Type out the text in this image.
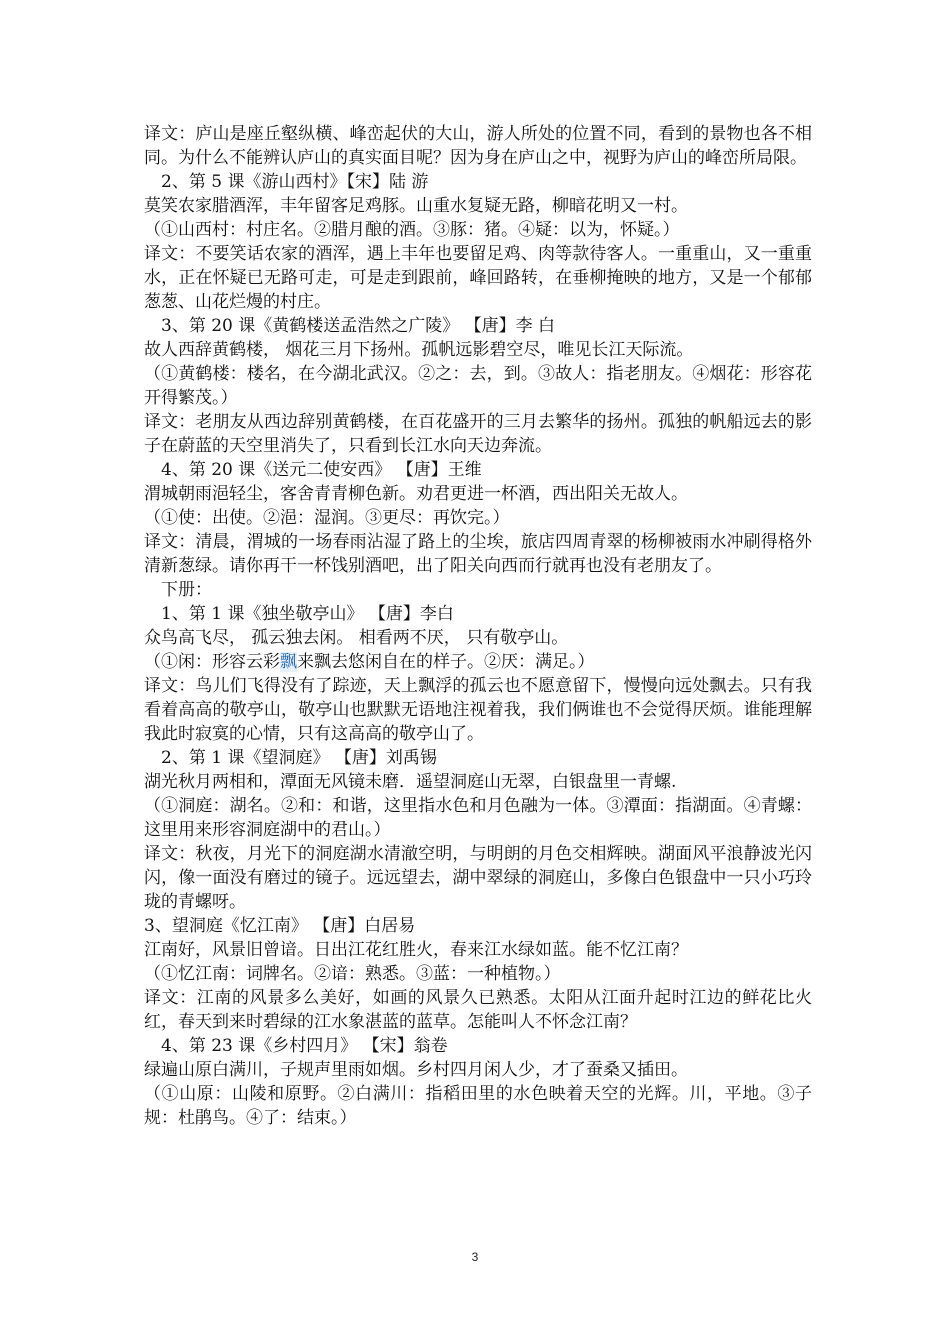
译文：庐山是座丘壑纵横、峰峦起伏的大山，游人所处的位置不同，看到的景物也各不相同。为什么不能辨认庐山的真实面目呢？因为身在庐山之中，视野为庐山的峰峦所局限。

2、第 5 课《游山西村》【宋】陆 游

莫笑农家腊酒浑，丰年留客足鸡豚。山重水复疑无路，柳暗花明又一村。

（①山西村：村庄名。②腊月酿的酒。③豚：猪。④疑：以为，怀疑。）

译文：不要笑话农家的酒浑，遇上丰年也要留足鸡、肉等款待客人。一重重山，又一重重水，正在怀疑已无路可走，可是走到跟前，峰回路转，在垂柳掩映的地方，又是一个郁郁葱葱、山花烂熳的村庄。

3、第 20 课《黄鹤楼送孟浩然之广陵》 【唐】李 白

故人西辞黄鹤楼， 烟花三月下扬州。孤帆远影碧空尽，唯见长江天际流。

（①黄鹤楼：楼名，在今湖北武汉。②之：去，到。③故人：指老朋友。④烟花：形容花开得繁茂。）

译文：老朋友从西边辞别黄鹤楼，在百花盛开的三月去繁华的扬州。孤独的帆船远去的影子在蔚蓝的天空里消失了，只看到长江水向天边奔流。

4、第 20 课《送元二使安西》 【唐】王维

渭城朝雨浥轻尘，客舍青青柳色新。劝君更进一杯酒，西出阳关无故人。

（①使：出使。②浥：湿润。③更尽：再饮完。）

译文：清晨，渭城的一场春雨沾湿了路上的尘埃，旅店四周青翠的杨柳被雨水冲刷得格外清新葱绿。请你再干一杯饯别酒吧，出了阳关向西而行就再也没有老朋友了。

下册：

1、第 1 课《独坐敬亭山》 【唐】李白

众鸟高飞尽， 孤云独去闲。 相看两不厌， 只有敬亭山。

（①闲：形容云彩飘来飘去悠闲自在的样子。②厌：满足。）

译文：鸟儿们飞得没有了踪迹，天上飘浮的孤云也不愿意留下，慢慢向远处飘去。只有我看着高高的敬亭山，敬亭山也默默无语地注视着我，我们俩谁也不会觉得厌烦。谁能理解我此时寂寞的心情，只有这高高的敬亭山了。

2、第 1 课《望洞庭》 【唐】刘禹锡

湖光秋月两相和，潭面无风镜未磨．遥望洞庭山无翠，白银盘里一青螺.

（①洞庭：湖名。②和：和谐，这里指水色和月色融为一体。③潭面：指湖面。④青螺：这里用来形容洞庭湖中的君山。）

译文：秋夜，月光下的洞庭湖水清澈空明，与明朗的月色交相辉映。湖面风平浪静波光闪闪，像一面没有磨过的镜子。远远望去，湖中翠绿的洞庭山，多像白色银盘中一只小巧玲珑的青螺呀。

3、望洞庭《忆江南》 【唐】白居易

江南好，风景旧曾谙。日出江花红胜火，春来江水绿如蓝。能不忆江南？

（①忆江南：词牌名。②谙：熟悉。③蓝：一种植物。）

译文：江南的风景多么美好，如画的风景久已熟悉。太阳从江面升起时江边的鲜花比火红，春天到来时碧绿的江水象湛蓝的蓝草。怎能叫人不怀念江南？

4、第 23 课《乡村四月》 【宋】翁卷

绿遍山原白满川，子规声里雨如烟。乡村四月闲人少，才了蚕桑又插田。

（①山原：山陵和原野。②白满川：指稻田里的水色映着天空的光辉。川，平地。③子规：杜鹃鸟。④了：结束。）

3
